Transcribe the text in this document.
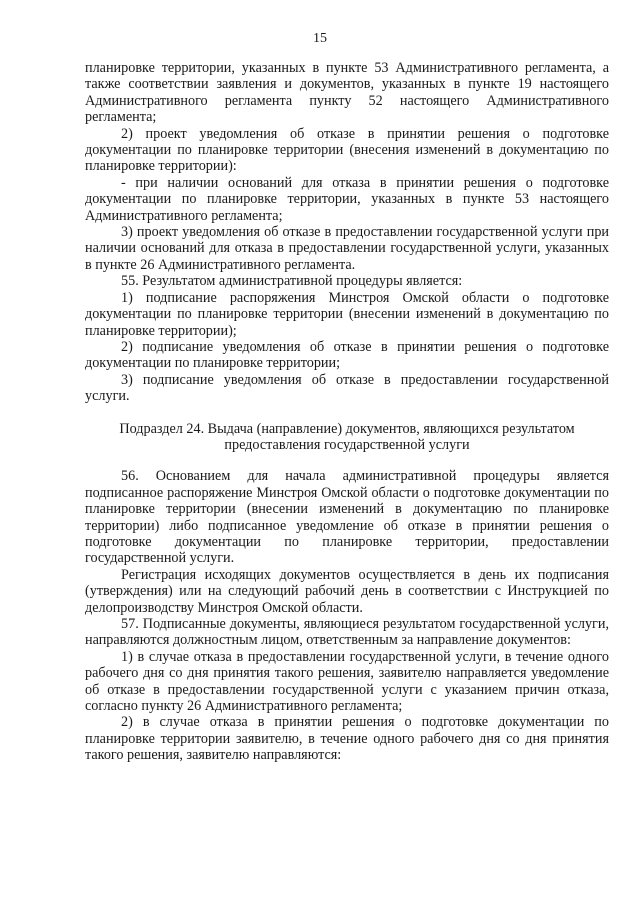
15

планировке территории, указанных в пункте 53 Административного регламента, а также соответствии заявления и документов, указанных в пункте 19 настоящего Административного регламента пункту 52 настоящего Административного регламента;

2) проект уведомления об отказе в принятии решения о подготовке документации по планировке территории (внесения изменений в документацию по планировке территории):

- при наличии оснований для отказа в принятии решения о подготовке документации по планировке территории, указанных в пункте 53 настоящего Административного регламента;

3) проект уведомления об отказе в предоставлении государственной услуги при наличии оснований для отказа в предоставлении государственной услуги, указанных в пункте 26 Административного регламента.

55. Результатом административной процедуры является:

1) подписание распоряжения Минстроя Омской области о подготовке документации по планировке территории (внесении изменений в документацию по планировке территории);

2) подписание уведомления об отказе в принятии решения о подготовке документации по планировке территории;

3) подписание уведомления об отказе в предоставлении государственной услуги.

Подраздел 24. Выдача (направление) документов, являющихся результатом предоставления государственной услуги

56. Основанием для начала административной процедуры является подписанное распоряжение Минстроя Омской области о подготовке документации по планировке территории (внесении изменений в документацию по планировке территории) либо подписанное уведомление об отказе в принятии решения о подготовке документации по планировке территории, предоставлении государственной услуги.

Регистрация исходящих документов осуществляется в день их подписания (утверждения) или на следующий рабочий день в соответствии с Инструкцией по делопроизводству Минстроя Омской области.

57. Подписанные документы, являющиеся результатом государственной услуги, направляются должностным лицом, ответственным за направление документов:

1) в случае отказа в предоставлении государственной услуги, в течение одного рабочего дня со дня принятия такого решения, заявителю направляется уведомление об отказе в предоставлении государственной услуги с указанием причин отказа, согласно пункту 26 Административного регламента;

2) в случае отказа в принятии решения о подготовке документации по планировке территории заявителю, в течение одного рабочего дня со дня принятия такого решения, заявителю направляются:
